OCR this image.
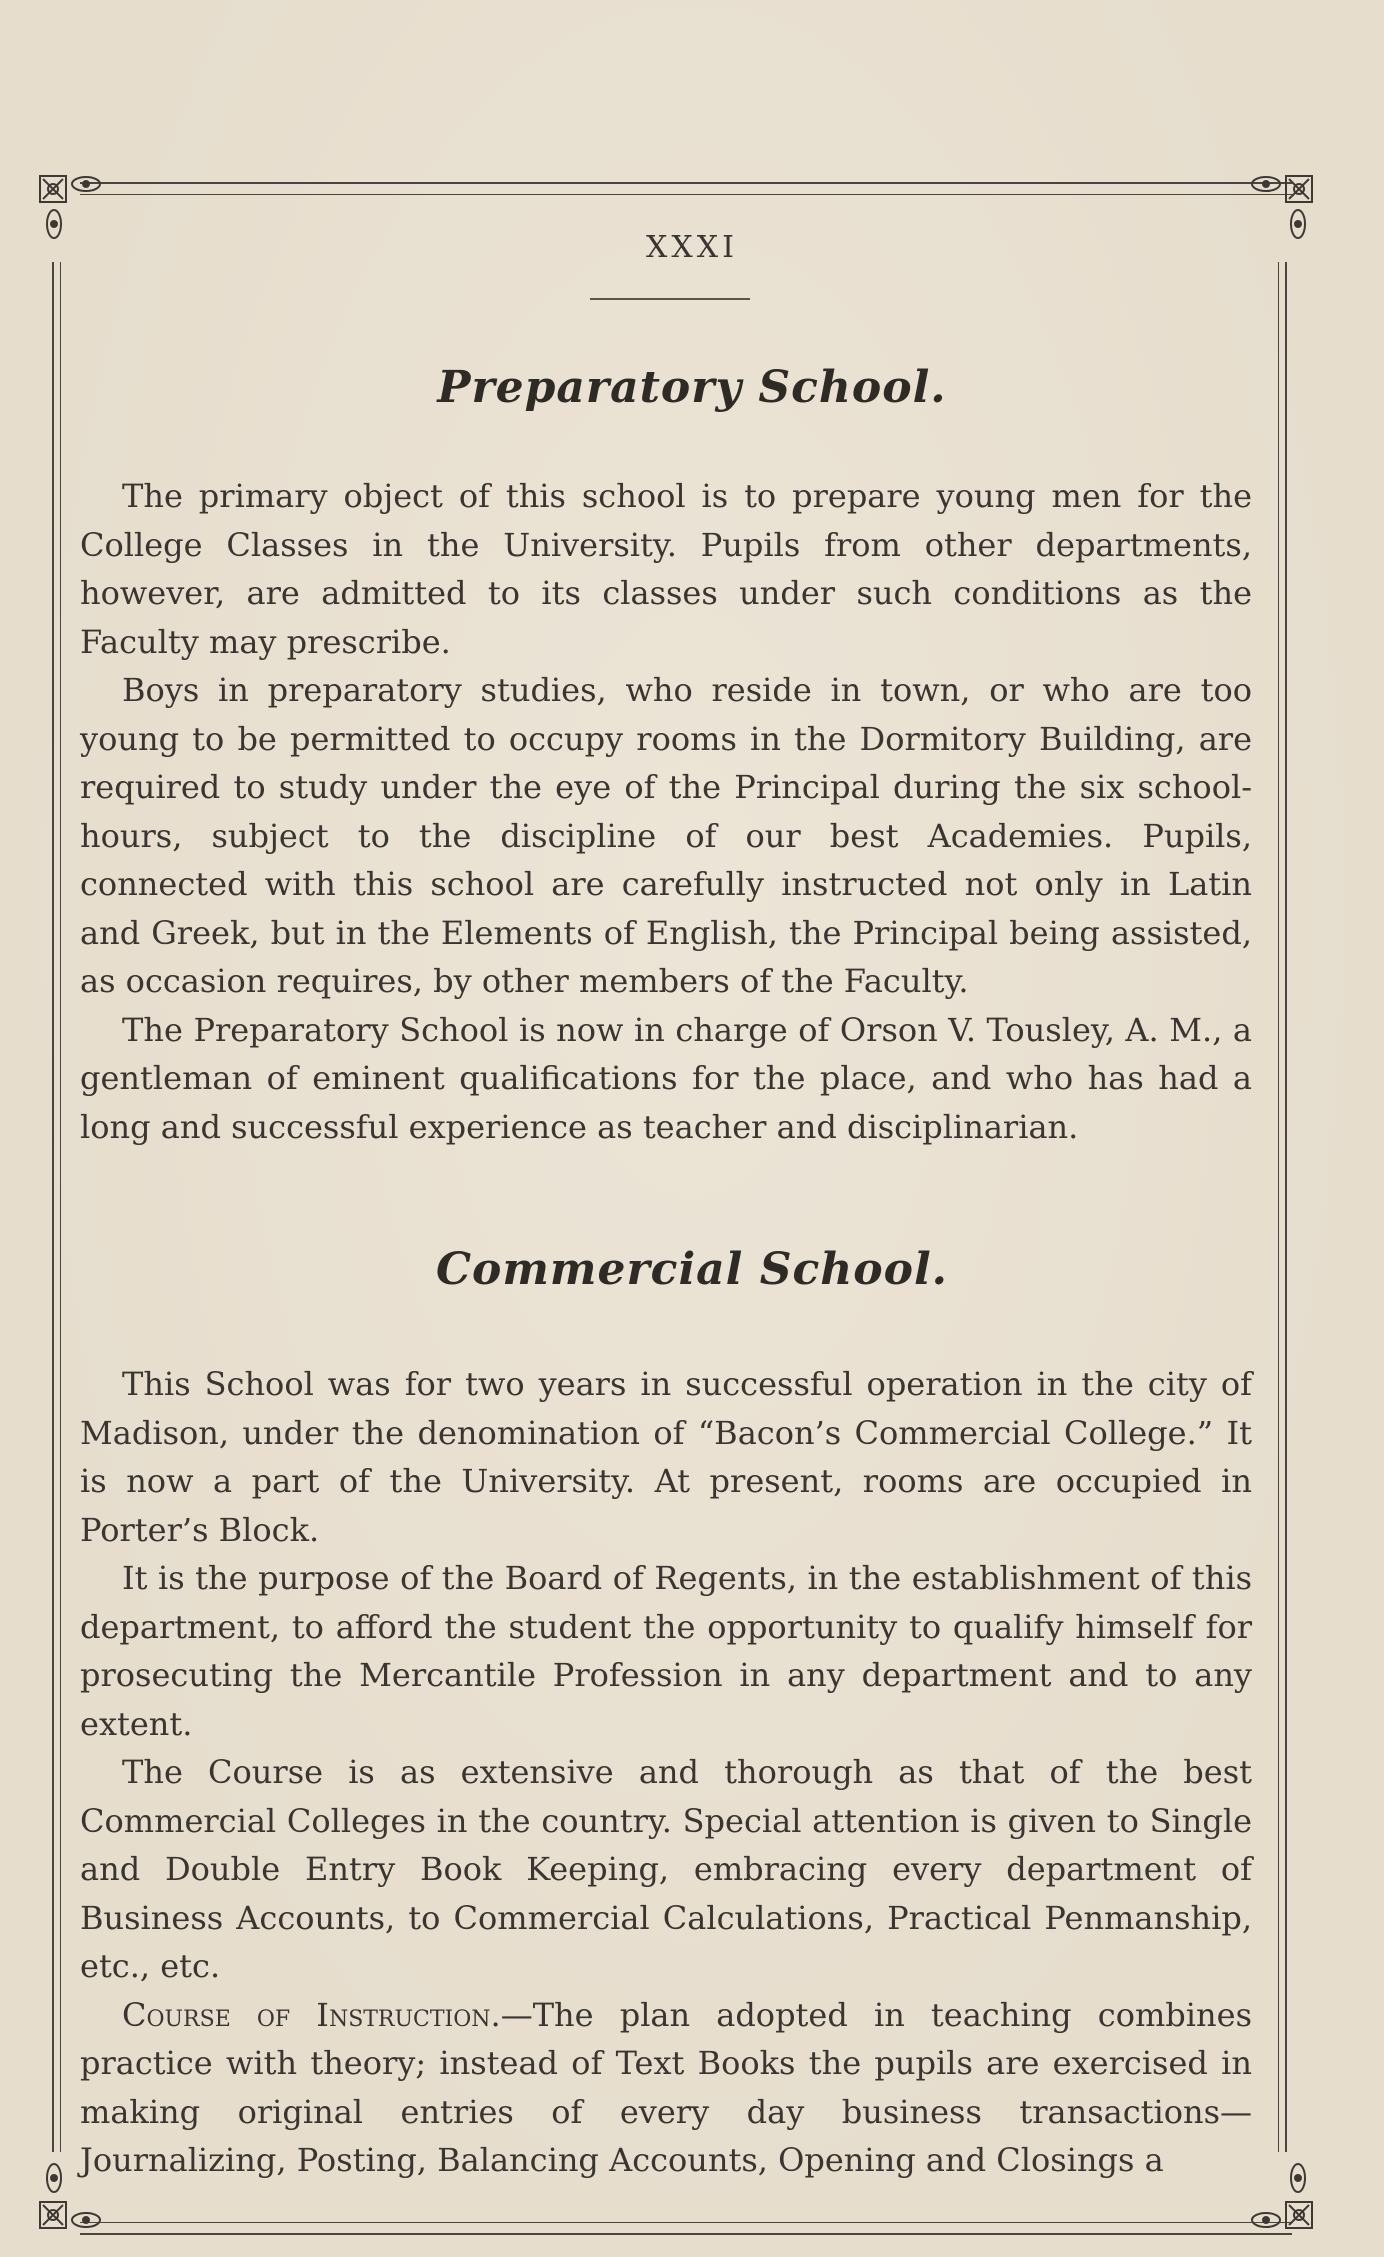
XXXI
Preparatory School.

The primary object of this school is to prepare young men for the College Classes in the University. Pupils from other departments, however, are admitted to its classes under such conditions as the Faculty may prescribe.

Boys in preparatory studies, who reside in town, or who are too young to be permitted to occupy rooms in the Dormitory Building, are required to study under the eye of the Principal during the six school-hours, subject to the discipline of our best Academies. Pupils, connected with this school are carefully instructed not only in Latin and Greek, but in the Elements of English, the Principal being assisted, as occasion requires, by other members of the Faculty.

The Preparatory School is now in charge of Orson V. Tousley, A. M., a gentleman of eminent qualifications for the place, and who has had a long and successful experience as teacher and disciplinarian.

Commercial School.

This School was for two years in successful operation in the city of Madison, under the denomination of “Bacon’s Commercial College.” It is now a part of the University. At present, rooms are occupied in Porter’s Block.

It is the purpose of the Board of Regents, in the establishment of this department, to afford the student the opportunity to qualify himself for prosecuting the Mercantile Profession in any department and to any extent.

The Course is as extensive and thorough as that of the best Commercial Colleges in the country. Special attention is given to Single and Double Entry Book Keeping, embracing every department of Business Accounts, to Commercial Calculations, Practical Penmanship, etc., etc.

Course of Instruction.—The plan adopted in teaching combines practice with theory; instead of Text Books the pupils are exercised in making original entries of every day business transactions—Journalizing, Posting, Balancing Accounts, Opening and Closings a
